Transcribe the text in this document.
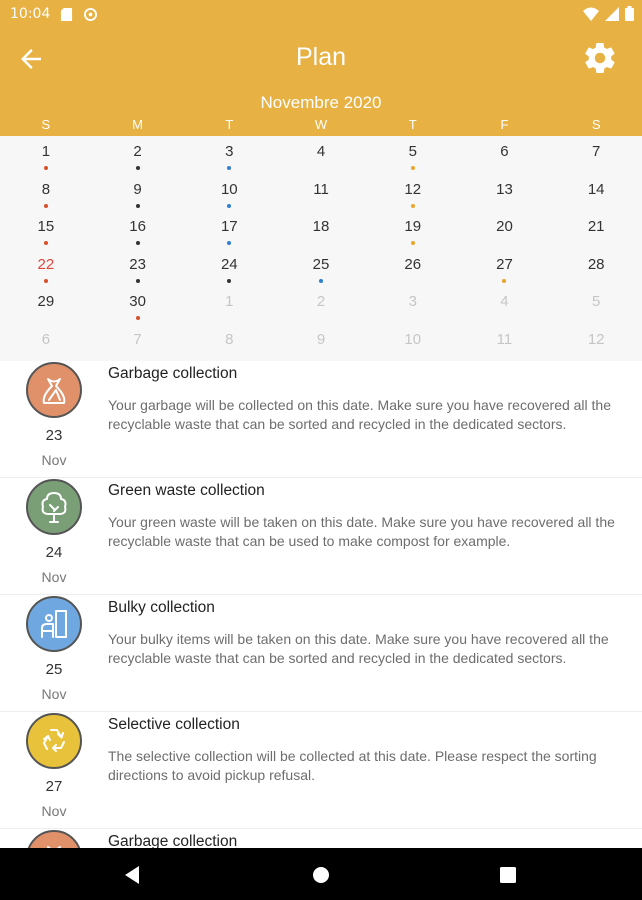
10:04
Plan
Novembre 2020
S	M	T	W	T	F	S
1	2	3	4	5	6	7
8	9	10	11	12	13	14
15	16	17	18	19	20	21
22	23	24	25	26	27	28
29	30	1	2	3	4	5
6	7	8	9	10	11	12
23
Nov
Garbage collection
Your garbage will be collected on this date. Make sure you have recovered all the recyclable waste that can be sorted and recycled in the dedicated sectors.
24
Nov
Green waste collection
Your green waste will be taken on this date. Make sure you have recovered all the recyclable waste that can be used to make compost for example.
25
Nov
Bulky collection
Your bulky items will be taken on this date. Make sure you have recovered all the recyclable waste that can be sorted and recycled in the dedicated sectors.
27
Nov
Selective collection
The selective collection will be collected at this date. Please respect the sorting directions to avoid pickup refusal.
Garbage collection
